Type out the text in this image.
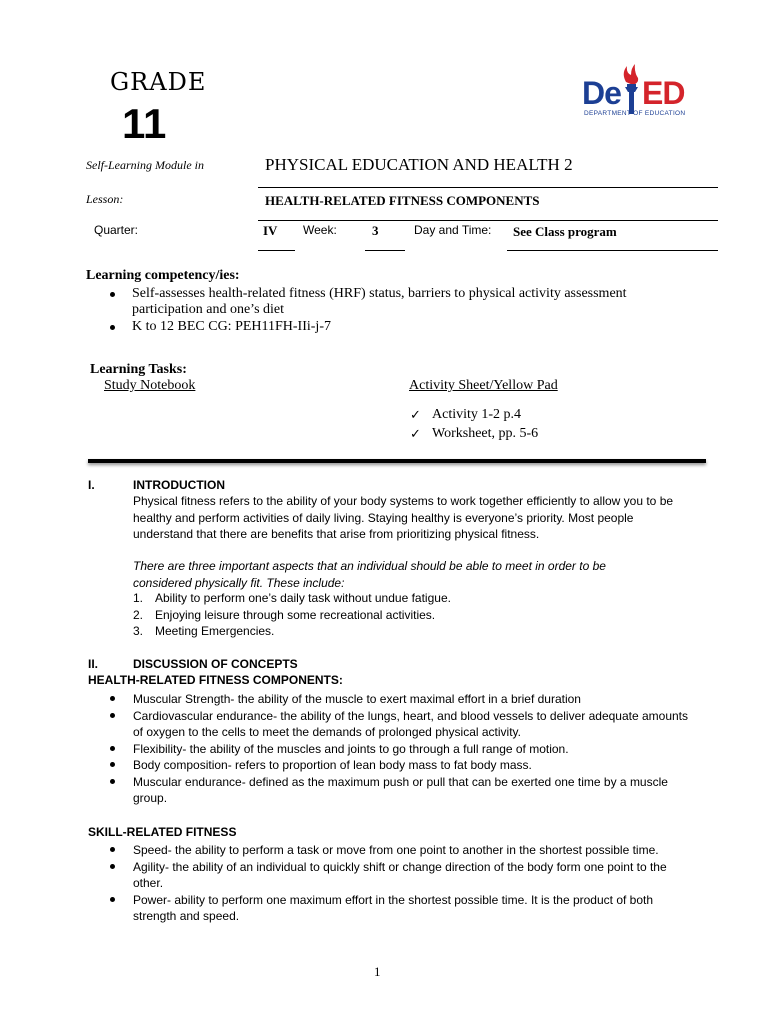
GRADE
11
De ED
DEPARTMENT OF EDUCATION
Self-Learning Module in	PHYSICAL EDUCATION AND HEALTH 2
Lesson:	HEALTH-RELATED FITNESS COMPONENTS
Quarter:	IV Week:	3	Day and Time: See Class program
Learning competency/ies:
Self-assesses health-related fitness (HRF) status, barriers to physical activity assessment participation and one’s diet
K to 12 BEC CG: PEH11FH-IIi-j-7
Learning Tasks:
Study Notebook	Activity Sheet/Yellow Pad
✓ Activity 1-2 p.4
✓ Worksheet, pp. 5-6
I.	INTRODUCTION
Physical fitness refers to the ability of your body systems to work together efficiently to allow you to be healthy and perform activities of daily living. Staying healthy is everyone’s priority. Most people understand that there are benefits that arise from prioritizing physical fitness.
There are three important aspects that an individual should be able to meet in order to be considered physically fit. These include:
1. Ability to perform one’s daily task without undue fatigue.
2. Enjoying leisure through some recreational activities.
3. Meeting Emergencies.
II.	DISCUSSION OF CONCEPTS
HEALTH-RELATED FITNESS COMPONENTS:
Muscular Strength- the ability of the muscle to exert maximal effort in a brief duration
Cardiovascular endurance- the ability of the lungs, heart, and blood vessels to deliver adequate amounts of oxygen to the cells to meet the demands of prolonged physical activity.
Flexibility- the ability of the muscles and joints to go through a full range of motion.
Body composition- refers to proportion of lean body mass to fat body mass.
Muscular endurance- defined as the maximum push or pull that can be exerted one time by a muscle group.
SKILL-RELATED FITNESS
Speed- the ability to perform a task or move from one point to another in the shortest possible time.
Agility- the ability of an individual to quickly shift or change direction of the body form one point to the other.
Power- ability to perform one maximum effort in the shortest possible time. It is the product of both strength and speed.
1
